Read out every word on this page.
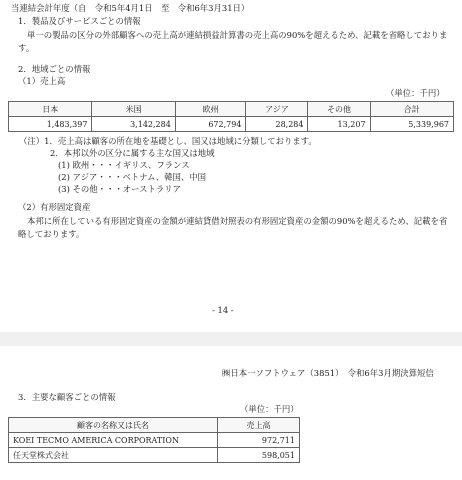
当連結会計年度（自　令和5年4月1日　至　令和6年3月31日）
1．製品及びサービスごとの情報
単一の製品の区分の外部顧客への売上高が連結損益計算書の売上高の90%を超えるため、記載を省略しておりま す。
2．地域ごとの情報
（1）売上高
（単位：千円）
日本	米国	欧州	アジア	その他	合計
1,483,397	3,142,284	672,794	28,284	13,207	5,339,967
（注）1．売上高は顧客の所在地を基礎とし、国又は地域に分類しております。
2．本邦以外の区分に属する主な国又は地域
(1) 欧州・・・イギリス、フランス
(2) アジア・・・ベトナム、韓国、中国
(3) その他・・・オーストラリア
（2）有形固定資産
本邦に所在している有形固定資産の金額が連結貸借対照表の有形固定資産の金額の90%を超えるため、記載を省略しております。
- 14 -
㈱日本一ソフトウェア（3851）　令和6年3月期決算短信
3．主要な顧客ごとの情報
（単位：千円）
顧客の名称又は氏名	売上高
KOEI TECMO AMERICA CORPORATION	972,711
任天堂株式会社	598,051
